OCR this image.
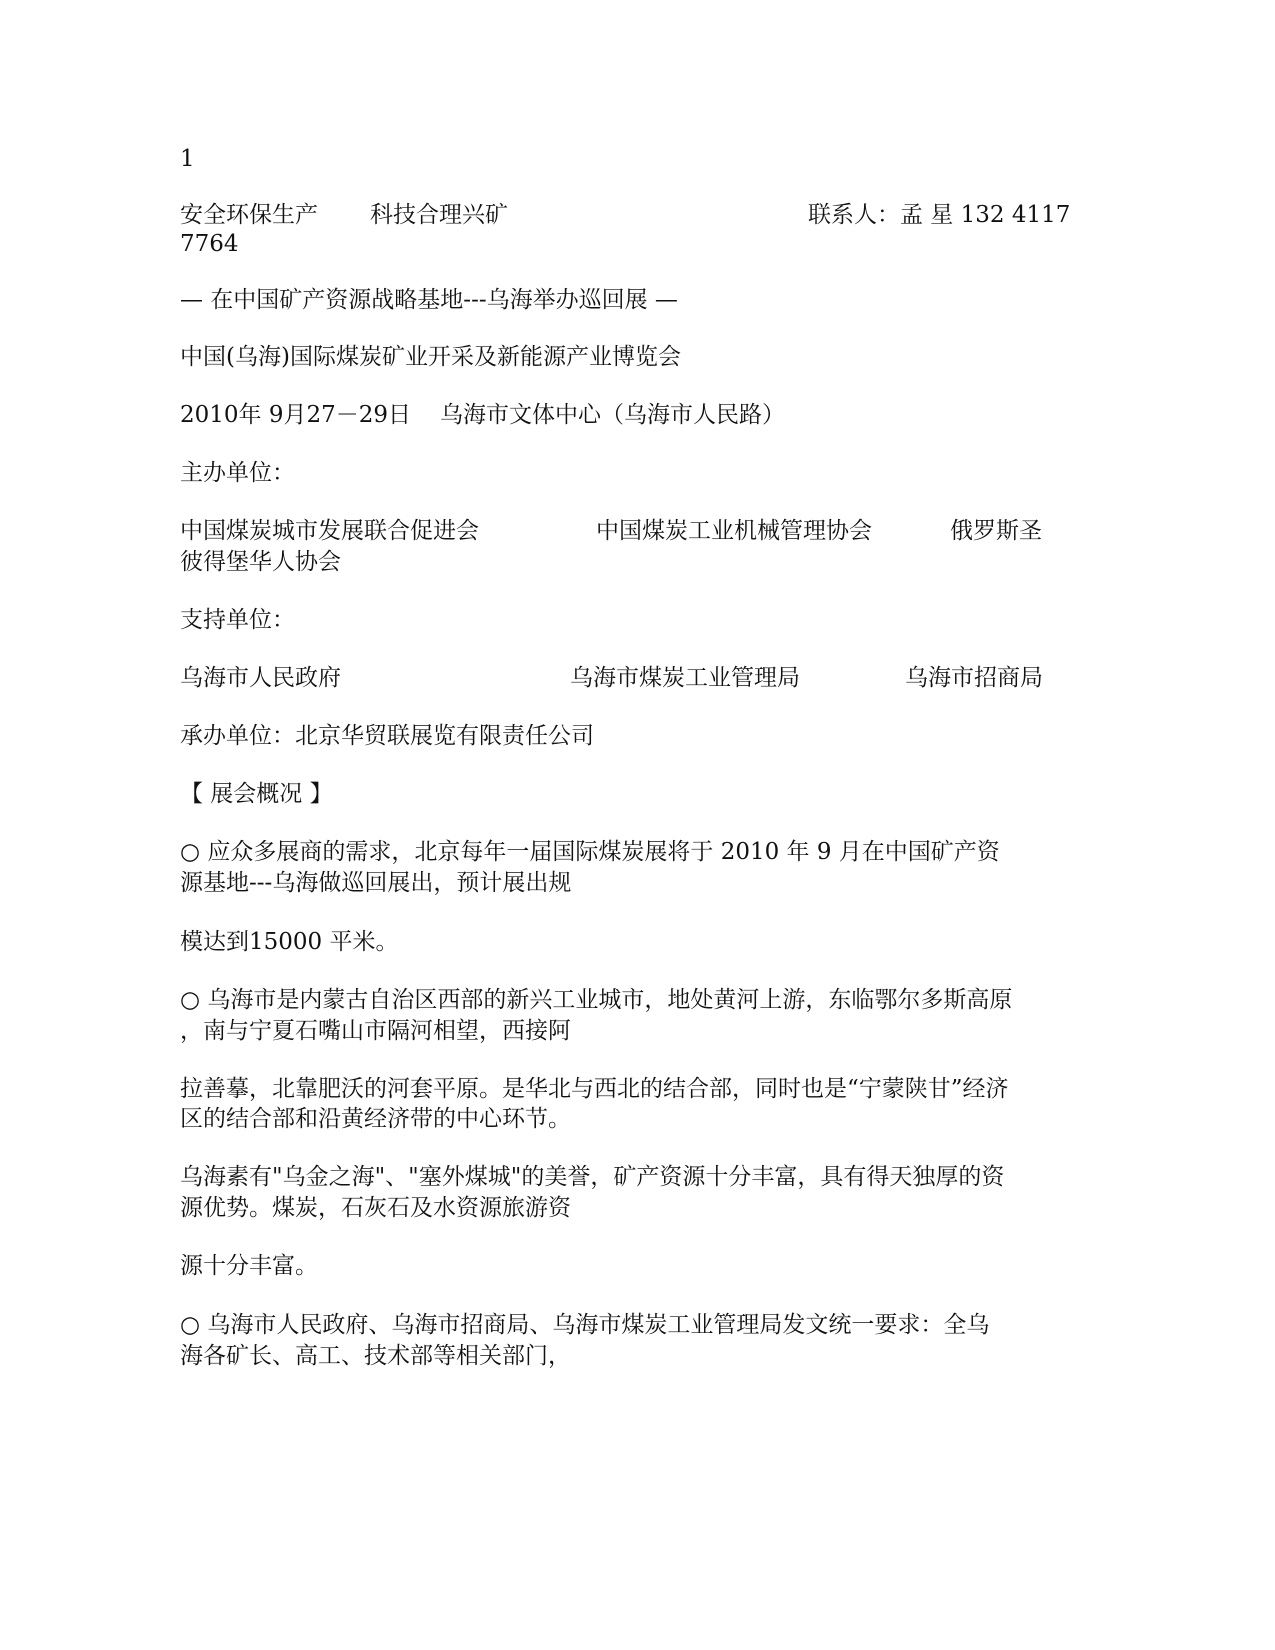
1
安全环保生产 科技合理兴矿	联系人：孟 星 132 4117
7764
— 在中国矿产资源战略基地---乌海举办巡回展 —
中国(乌海)国际煤炭矿业开采及新能源产业博览会
2010年 9月27－29日 乌海市文体中心（乌海市人民路）
主办单位：
中国煤炭城市发展联合促进会	中国煤炭工业机械管理协会	俄罗斯圣
彼得堡华人协会
支持单位：
乌海市人民政府	乌海市煤炭工业管理局	乌海市招商局
承办单位：北京华贸联展览有限责任公司
【 展会概况 】
○ 应众多展商的需求，北京每年一届国际煤炭展将于 2010 年 9 月在中国矿产资
源基地---乌海做巡回展出，预计展出规
模达到15000 平米。
○ 乌海市是内蒙古自治区西部的新兴工业城市，地处黄河上游，东临鄂尔多斯高原
，南与宁夏石嘴山市隔河相望，西接阿
拉善摹，北靠肥沃的河套平原。是华北与西北的结合部，同时也是“宁蒙陕甘”经济
区的结合部和沿黄经济带的中心环节。
乌海素有"乌金之海"、"塞外煤城"的美誉，矿产资源十分丰富，具有得天独厚的资
源优势。煤炭，石灰石及水资源旅游资
源十分丰富。
○ 乌海市人民政府、乌海市招商局、乌海市煤炭工业管理局发文统一要求：全乌
海各矿长、高工、技术部等相关部门，
